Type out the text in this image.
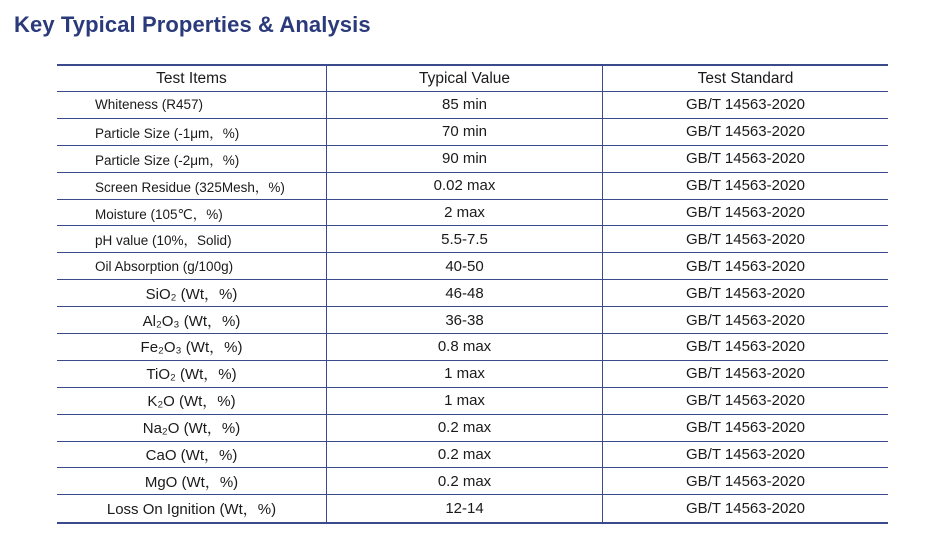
Key Typical Properties & Analysis
Test Items	Typical Value	Test Standard
Whiteness (R457)	85 min	GB/T 14563-2020
Particle Size (-1μm，%)	70 min	GB/T 14563-2020
Particle Size (-2μm，%)	90 min	GB/T 14563-2020
Screen Residue (325Mesh，%)	0.02 max	GB/T 14563-2020
Moisture (105℃，%)	2 max	GB/T 14563-2020
pH value (10%，Solid)	5.5-7.5	GB/T 14563-2020
Oil Absorption (g/100g)	40-50	GB/T 14563-2020
SiO₂ (Wt，%)	46-48	GB/T 14563-2020
Al₂O₃ (Wt，%)	36-38	GB/T 14563-2020
Fe₂O₃ (Wt，%)	0.8 max	GB/T 14563-2020
TiO₂ (Wt，%)	1 max	GB/T 14563-2020
K₂O (Wt，%)	1 max	GB/T 14563-2020
Na₂O (Wt，%)	0.2 max	GB/T 14563-2020
CaO (Wt，%)	0.2 max	GB/T 14563-2020
MgO (Wt，%)	0.2 max	GB/T 14563-2020
Loss On Ignition (Wt，%)	12-14	GB/T 14563-2020
